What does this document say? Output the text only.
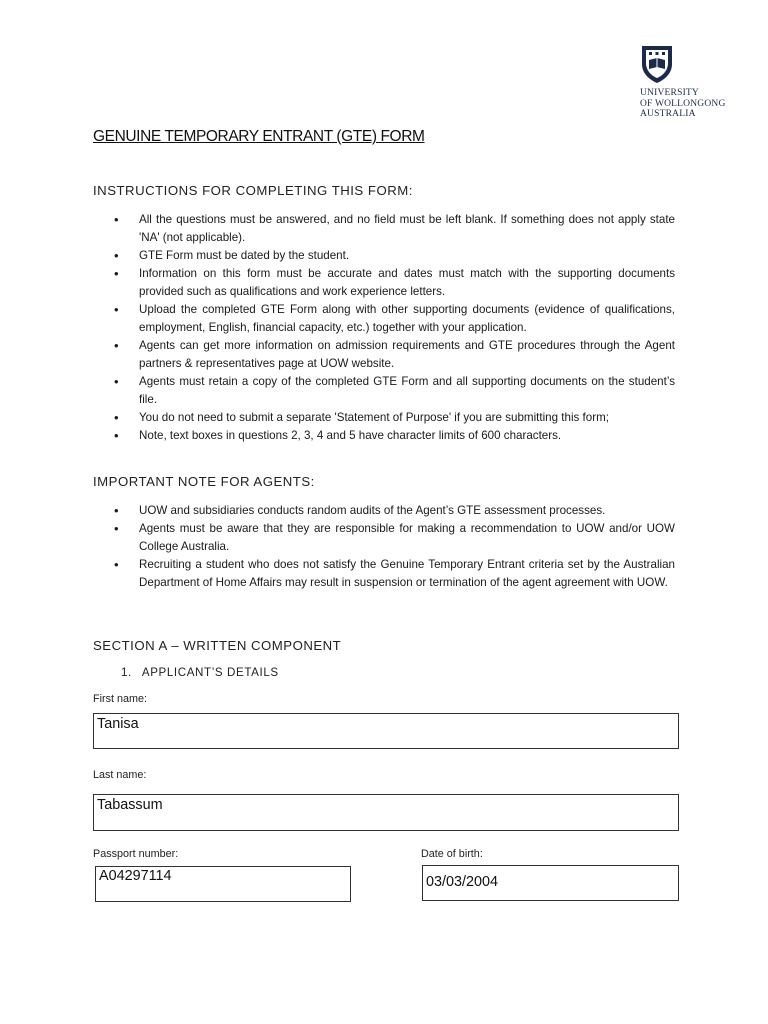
UNIVERSITY
OF WOLLONGONG
AUSTRALIA
GENUINE TEMPORARY ENTRANT (GTE) FORM
INSTRUCTIONS FOR COMPLETING THIS FORM:
• All the questions must be answered, and no field must be left blank. If something does not apply state 'NA' (not applicable).
• GTE Form must be dated by the student.
• Information on this form must be accurate and dates must match with the supporting documents provided such as qualifications and work experience letters.
• Upload the completed GTE Form along with other supporting documents (evidence of qualifications, employment, English, financial capacity, etc.) together with your application.
• Agents can get more information on admission requirements and GTE procedures through the Agent partners & representatives page at UOW website.
• Agents must retain a copy of the completed GTE Form and all supporting documents on the student’s file.
• You do not need to submit a separate 'Statement of Purpose' if you are submitting this form;
• Note, text boxes in questions 2, 3, 4 and 5 have character limits of 600 characters.
IMPORTANT NOTE FOR AGENTS:
• UOW and subsidiaries conducts random audits of the Agent’s GTE assessment processes.
• Agents must be aware that they are responsible for making a recommendation to UOW and/or UOW College Australia.
• Recruiting a student who does not satisfy the Genuine Temporary Entrant criteria set by the Australian Department of Home Affairs may result in suspension or termination of the agent agreement with UOW.
SECTION A – WRITTEN COMPONENT
1. APPLICANT’S DETAILS
First name:
Tanisa
Last name:
Tabassum
Passport number:
A04297114
Date of birth:
03/03/2004
